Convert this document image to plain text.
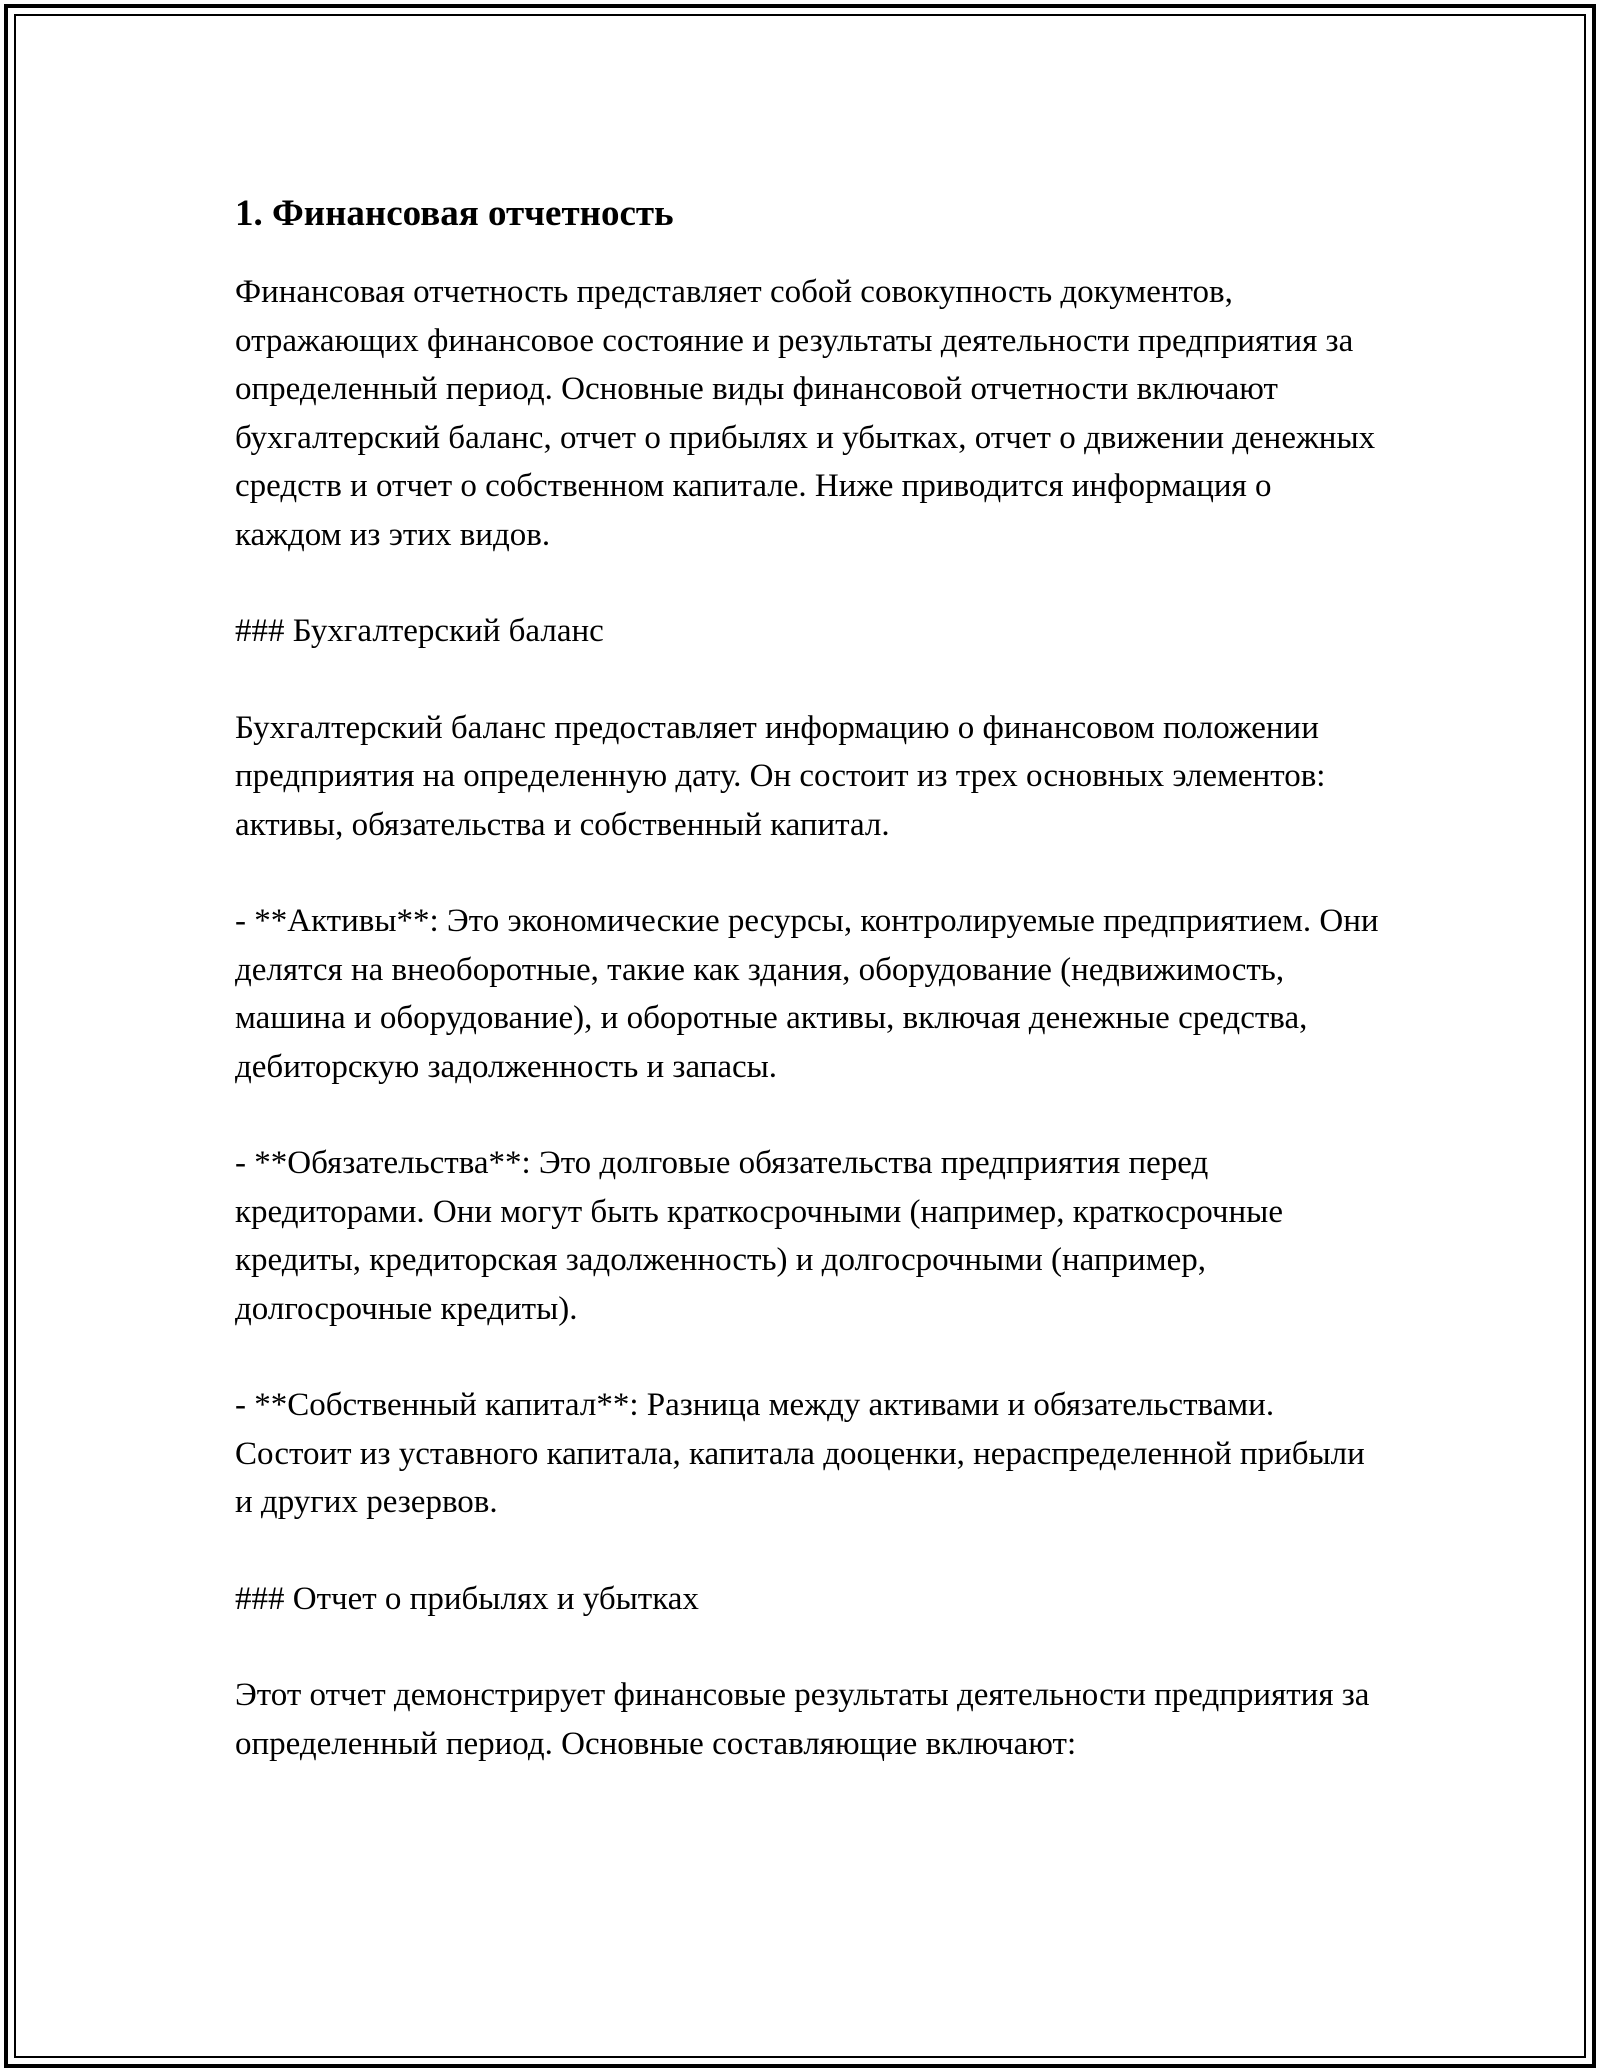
1. Финансовая отчетность

Финансовая отчетность представляет собой совокупность документов, отражающих финансовое состояние и результаты деятельности предприятия за определенный период. Основные виды финансовой отчетности включают бухгалтерский баланс, отчет о прибылях и убытках, отчет о движении денежных средств и отчет о собственном капитале. Ниже приводится информация о каждом из этих видов.

### Бухгалтерский баланс

Бухгалтерский баланс предоставляет информацию о финансовом положении предприятия на определенную дату. Он состоит из трех основных элементов: активы, обязательства и собственный капитал.

- **Активы**: Это экономические ресурсы, контролируемые предприятием. Они делятся на внеоборотные, такие как здания, оборудование (недвижимость, машина и оборудование), и оборотные активы, включая денежные средства, дебиторскую задолженность и запасы.

- **Обязательства**: Это долговые обязательства предприятия перед кредиторами. Они могут быть краткосрочными (например, краткосрочные кредиты, кредиторская задолженность) и долгосрочными (например, долгосрочные кредиты).

- **Собственный капитал**: Разница между активами и обязательствами. Состоит из уставного капитала, капитала дооценки, нераспределенной прибыли и других резервов.

### Отчет о прибылях и убытках

Этот отчет демонстрирует финансовые результаты деятельности предприятия за определенный период. Основные составляющие включают:
